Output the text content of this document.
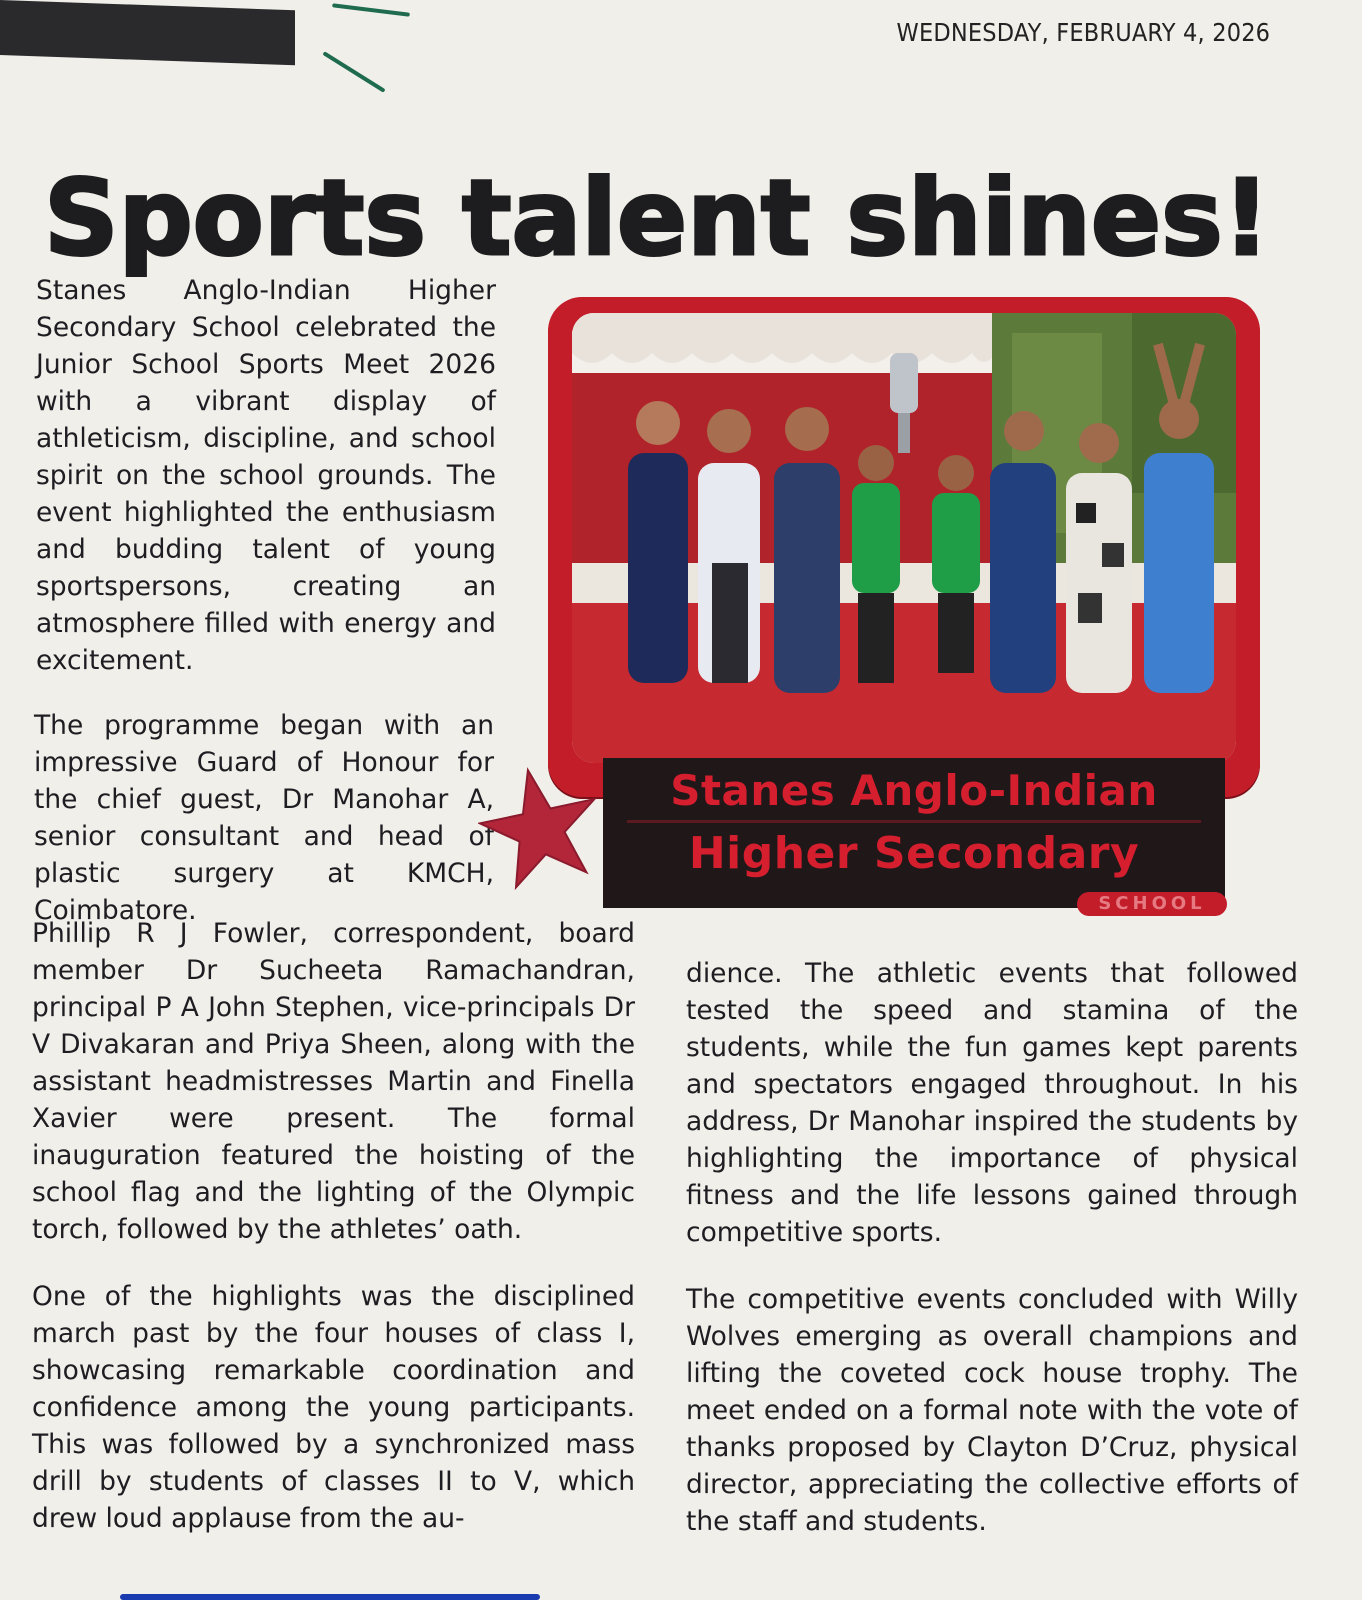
WEDNESDAY, FEBRUARY 4, 2026
Sports talent shines!

Stanes Anglo-Indian Higher Secondary School celebrated the Junior School Sports Meet 2026 with a vibrant display of athleticism, discipline, and school spirit on the school grounds. The event highlighted the enthusiasm and budding talent of young sportspersons, creating an atmosphere filled with energy and excitement.

The programme began with an impressive Guard of Honour for the chief guest, Dr Manohar A, senior consultant and head of plastic surgery at KMCH, Coimbatore.

Phillip R J Fowler, correspondent, board member Dr Sucheeta Ramachandran, principal P A John Stephen, vice-principals Dr V Divakaran and Priya Sheen, along with the assistant headmistresses Martin and Finella Xavier were present. The formal inauguration featured the hoisting of the school flag and the lighting of the Olympic torch, followed by the athletes’ oath.

One of the highlights was the disciplined march past by the four houses of class I, showcasing remarkable coordination and confidence among the young participants. This was followed by a synchronized mass drill by students of classes II to V, which drew loud applause from the au-

dience. The athletic events that followed tested the speed and stamina of the students, while the fun games kept parents and spectators engaged throughout. In his address, Dr Manohar inspired the students by highlighting the importance of physical fitness and the life lessons gained through competitive sports.

The competitive events concluded with Willy Wolves emerging as overall champions and lifting the coveted cock house trophy. The meet ended on a formal note with the vote of thanks proposed by Clayton D’Cruz, physical director, appreciating the collective efforts of the staff and students.

Stanes Anglo-Indian
Higher Secondary
SCHOOL
